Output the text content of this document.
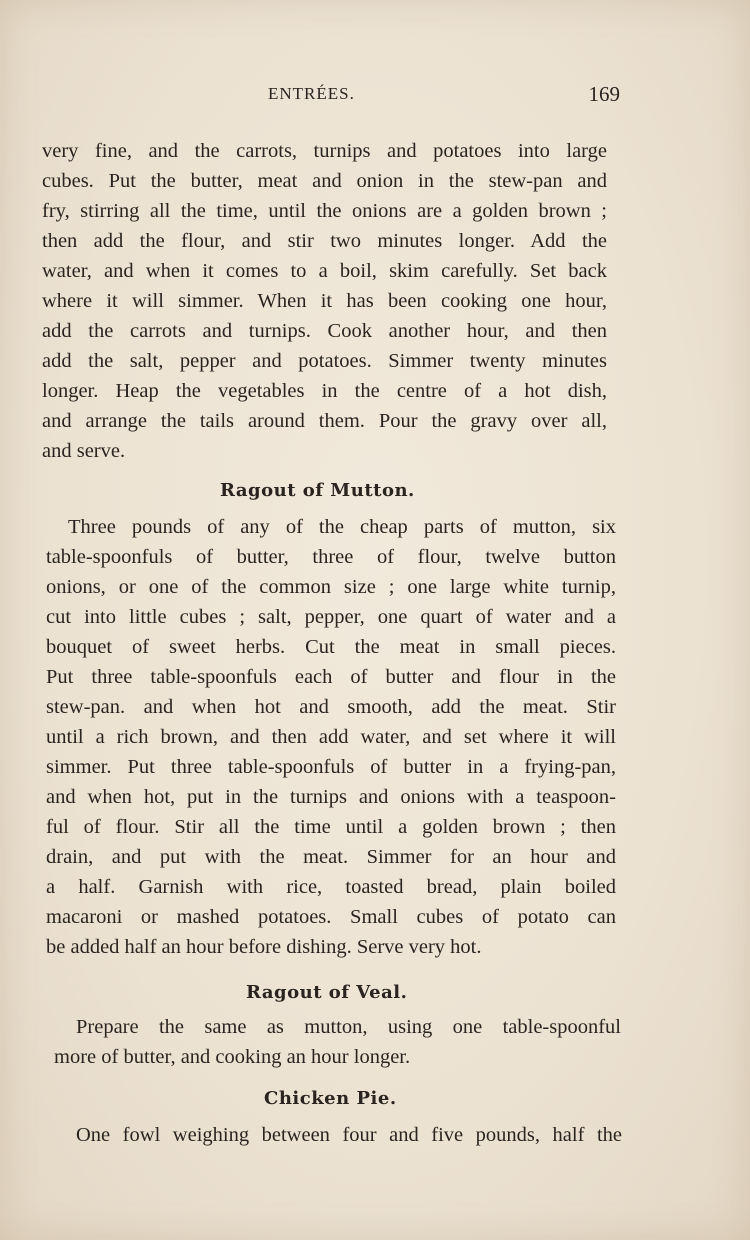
ENTRÉES.	169
very fine, and the carrots, turnips and potatoes into large
cubes. Put the butter, meat and onion in the stew-pan and
fry, stirring all the time, until the onions are a golden brown ;
then add the flour, and stir two minutes longer. Add the
water, and when it comes to a boil, skim carefully. Set back
where it will simmer. When it has been cooking one hour,
add the carrots and turnips. Cook another hour, and then
add the salt, pepper and potatoes. Simmer twenty minutes
longer. Heap the vegetables in the centre of a hot dish,
and arrange the tails around them. Pour the gravy over all,
and serve.
Ragout of Mutton.
Three pounds of any of the cheap parts of mutton, six
table-spoonfuls of butter, three of flour, twelve button
onions, or one of the common size ; one large white turnip,
cut into little cubes ; salt, pepper, one quart of water and a
bouquet of sweet herbs. Cut the meat in small pieces.
Put three table-spoonfuls each of butter and flour in the
stew-pan. and when hot and smooth, add the meat. Stir
until a rich brown, and then add water, and set where it will
simmer. Put three table-spoonfuls of butter in a frying-pan,
and when hot, put in the turnips and onions with a teaspoon-
ful of flour. Stir all the time until a golden brown ; then
drain, and put with the meat. Simmer for an hour and
a half. Garnish with rice, toasted bread, plain boiled
macaroni or mashed potatoes. Small cubes of potato can
be added half an hour before dishing. Serve very hot.
Ragout of Veal.
Prepare the same as mutton, using one table-spoonful
more of butter, and cooking an hour longer.
Chicken Pie.
One fowl weighing between four and five pounds, half the
